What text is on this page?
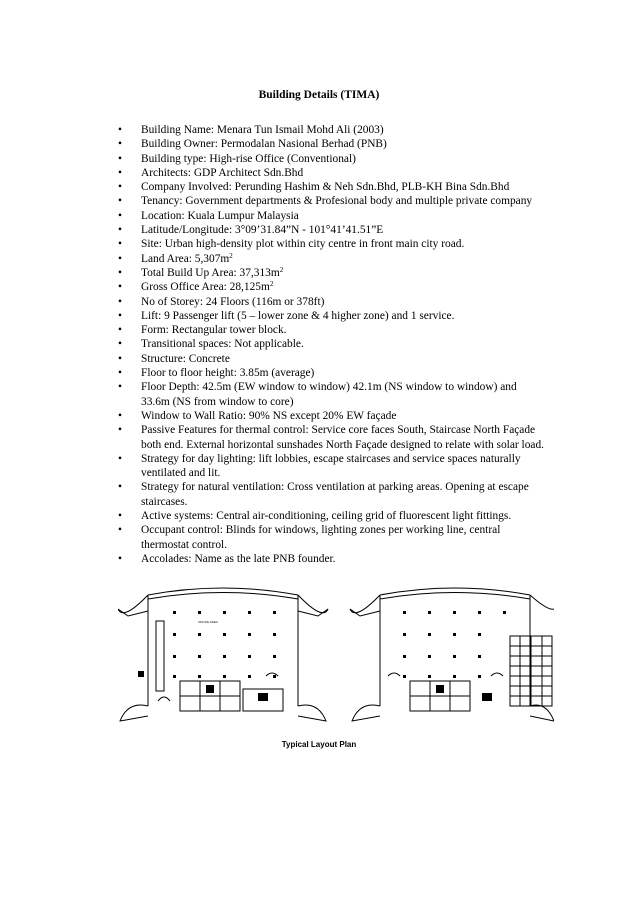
Building Details (TIMA)
• Building Name: Menara Tun Ismail Mohd Ali (2003)
• Building Owner: Permodalan Nasional Berhad (PNB)
• Building type: High-rise Office (Conventional)
• Architects: GDP Architect Sdn.Bhd
• Company Involved: Perunding Hashim & Neh Sdn.Bhd, PLB-KH Bina Sdn.Bhd
• Tenancy: Government departments & Profesional body and multiple private company
• Location: Kuala Lumpur Malaysia
• Latitude/Longitude: 3°09’31.84”N - 101°41’41.51”E
• Site: Urban high-density plot within city centre in front main city road.
• Land Area: $5,307m^2$
• Total Build Up Area: $37,313m^2$
• Gross Office Area: $28,125m^2$
• No of Storey: 24 Floors (116m or 378ft)
• Lift: 9 Passenger lift (5 – lower zone & 4 higher zone) and 1 service.
• Form: Rectangular tower block.
• Transitional spaces: Not applicable.
• Structure: Concrete
• Floor to floor height: 3.85m (average)
• Floor Depth: 42.5m (EW window to window) 42.1m (NS window to window) and
33.6m (NS from window to core)
• Window to Wall Ratio: 90% NS except 20% EW façade
• Passive Features for thermal control: Service core faces South, Staircase North Façade
both end. External horizontal sunshades North Façade designed to relate with solar load.
• Strategy for day lighting: lift lobbies, escape staircases and service spaces naturally
ventilated and lit.
• Strategy for natural ventilation: Cross ventilation at parking areas. Opening at escape
staircases.
• Active systems: Central air-conditioning, ceiling grid of fluorescent light fittings.
• Occupant control: Blinds for windows, lighting zones per working line, central
thermostat control.
• Accolades: Name as the late PNB founder.
OFFICE AREA
Typical Layout Plan
